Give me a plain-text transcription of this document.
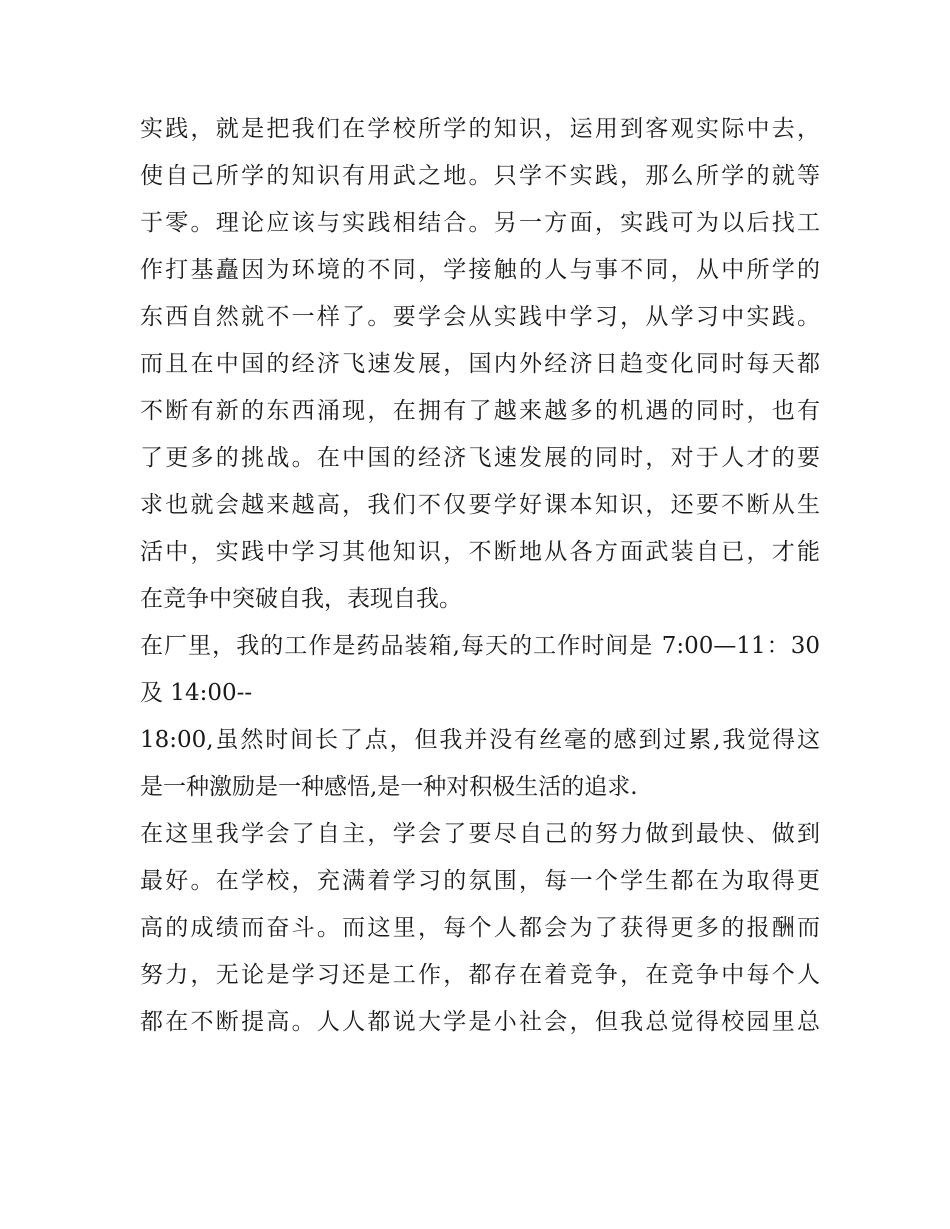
实践，就是把我们在学校所学的知识，运用到客观实际中去，
使自己所学的知识有用武之地。只学不实践，那么所学的就等
于零。理论应该与实践相结合。另一方面，实践可为以后找工
作打基矗因为环境的不同，学接触的人与事不同，从中所学的
东西自然就不一样了。要学会从实践中学习，从学习中实践。
而且在中国的经济飞速发展，国内外经济日趋变化同时每天都
不断有新的东西涌现，在拥有了越来越多的机遇的同时，也有
了更多的挑战。在中国的经济飞速发展的同时，对于人才的要
求也就会越来越高，我们不仅要学好课本知识，还要不断从生
活中，实践中学习其他知识，不断地从各方面武装自已，才能
在竞争中突破自我，表现自我。
在厂里，我的工作是药品装箱,每天的工作时间是 7:00—11：30
及 14:00--
18:00,虽然时间长了点，但我并没有丝毫的感到过累,我觉得这
是一种激励是一种感悟,是一种对积极生活的追求.
在这里我学会了自主，学会了要尽自己的努力做到最快、做到
最好。在学校，充满着学习的氛围，每一个学生都在为取得更
高的成绩而奋斗。而这里，每个人都会为了获得更多的报酬而
努力，无论是学习还是工作，都存在着竞争，在竞争中每个人
都在不断提高。人人都说大学是小社会，但我总觉得校园里总
